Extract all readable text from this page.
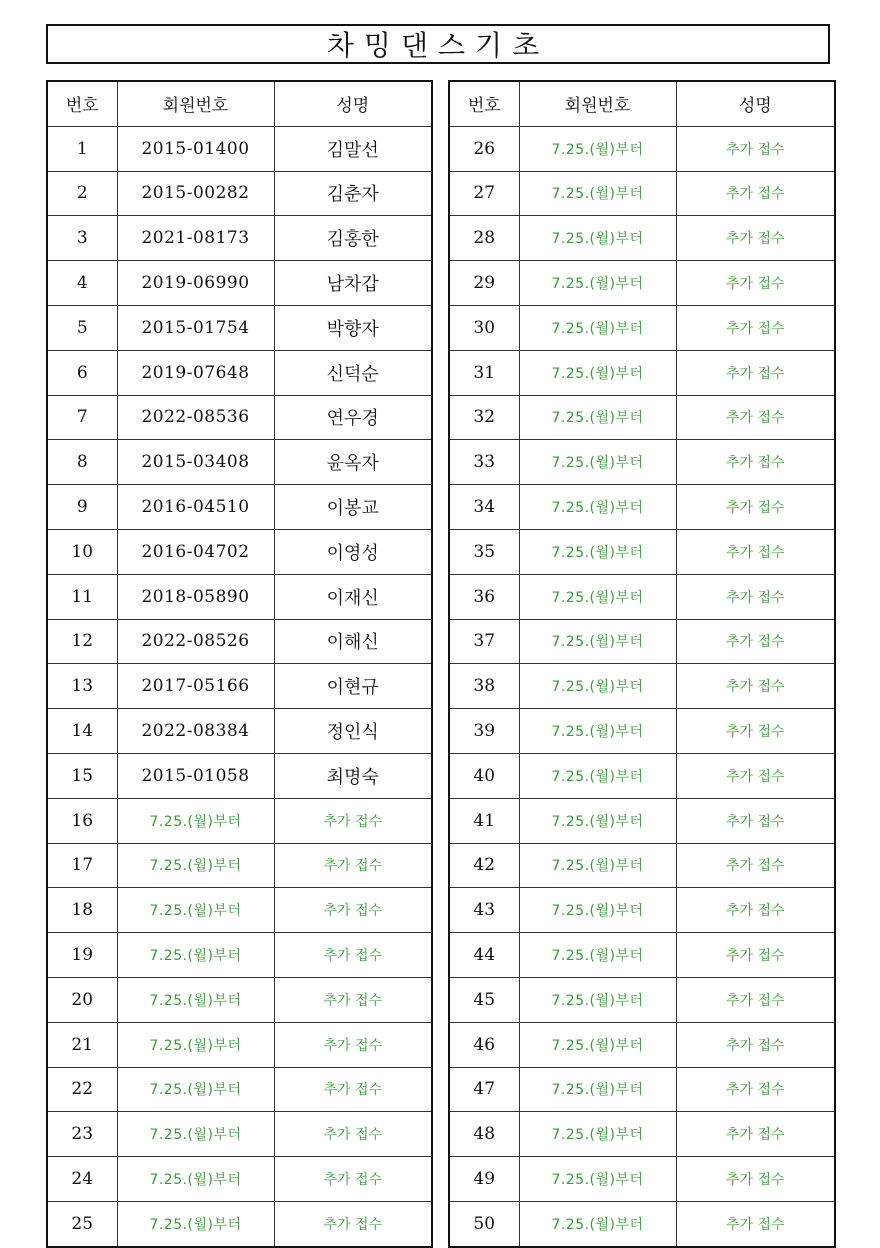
차밍댄스기초
번호	회원번호	성명
1	2015-01400	김말선
2	2015-00282	김춘자
3	2021-08173	김홍한
4	2019-06990	남차갑
5	2015-01754	박향자
6	2019-07648	신덕순
7	2022-08536	연우경
8	2015-03408	윤옥자
9	2016-04510	이봉교
10	2016-04702	이영성
11	2018-05890	이재신
12	2022-08526	이해신
13	2017-05166	이현규
14	2022-08384	정인식
15	2015-01058	최명숙
16	7.25.(월)부터	추가 접수
17	7.25.(월)부터	추가 접수
18	7.25.(월)부터	추가 접수
19	7.25.(월)부터	추가 접수
20	7.25.(월)부터	추가 접수
21	7.25.(월)부터	추가 접수
22	7.25.(월)부터	추가 접수
23	7.25.(월)부터	추가 접수
24	7.25.(월)부터	추가 접수
25	7.25.(월)부터	추가 접수
번호	회원번호	성명
26	7.25.(월)부터	추가 접수
27	7.25.(월)부터	추가 접수
28	7.25.(월)부터	추가 접수
29	7.25.(월)부터	추가 접수
30	7.25.(월)부터	추가 접수
31	7.25.(월)부터	추가 접수
32	7.25.(월)부터	추가 접수
33	7.25.(월)부터	추가 접수
34	7.25.(월)부터	추가 접수
35	7.25.(월)부터	추가 접수
36	7.25.(월)부터	추가 접수
37	7.25.(월)부터	추가 접수
38	7.25.(월)부터	추가 접수
39	7.25.(월)부터	추가 접수
40	7.25.(월)부터	추가 접수
41	7.25.(월)부터	추가 접수
42	7.25.(월)부터	추가 접수
43	7.25.(월)부터	추가 접수
44	7.25.(월)부터	추가 접수
45	7.25.(월)부터	추가 접수
46	7.25.(월)부터	추가 접수
47	7.25.(월)부터	추가 접수
48	7.25.(월)부터	추가 접수
49	7.25.(월)부터	추가 접수
50	7.25.(월)부터	추가 접수
